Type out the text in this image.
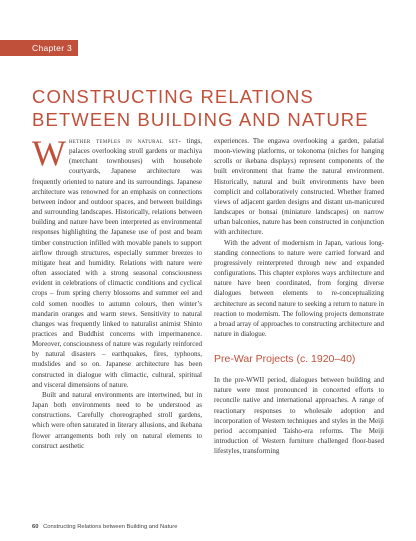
Chapter 3
CONSTRUCTING RELATIONS BETWEEN BUILDING AND NATURE

Whether temples in natural set- tings, palaces overlooking stroll gardens or machiya (merchant townhouses) with househole courtyards, Japanese architecture was frequently oriented to nature and its surroundings. Japanese architecture was renowned for an emphasis on connections between indoor and outdoor spaces, and between buildings and surrounding landscapes. Historically, relations between building and nature have been interpreted as environmental responses highlighting the Japanese use of post and beam timber construction infilled with movable panels to support airflow through structures, especially summer breezes to mitigate heat and humidity. Relations with nature were often associated with a strong seasonal consciousness evident in celebrations of climactic conditions and cyclical crops – from spring cherry blossoms and summer eel and cold somen noodles to autumn colours, then winter’s mandarin oranges and warm stews. Sensitivity to natural changes was frequently linked to naturalist animist Shinto practices and Buddhist concerns with impermanence. Moreover, consciousness of nature was regularly reinforced by natural disasters – earthquakes, fires, typhoons, mudslides and so on. Japanese architecture has been constructed in dialogue with climactic, cultural, spiritual and visceral dimensions of nature.

Built and natural environments are intertwined, but in Japan both environments need to be understood as constructions. Carefully choreographed stroll gardens, which were often saturated in literary allusions, and ikebana flower arrangements both rely on natural elements to construct aesthetic

experiences. The engawa overlooking a garden, palatial moon-viewing platforms, or tokonoma (niches for hanging scrolls or ikebana displays) represent components of the built environment that frame the natural environment. Historically, natural and built environments have been complicit and collaboratively constructed. Whether framed views of adjacent garden designs and distant un-manicured landscapes or bonsai (miniature landscapes) on narrow urban balconies, nature has been constructed in conjunction with architecture.

With the advent of modernism in Japan, various long-standing connections to nature were carried forward and progressively reinterpreted through new and expanded configurations. This chapter explores ways architecture and nature have been coordinated, from forging diverse dialogues between elements to re-conceptualizing architecture as second nature to seeking a return to nature in reaction to modernism. The following projects demonstrate a broad array of approaches to constructing architecture and nature in dialogue.

Pre-War Projects (c. 1920–40)

In the pre-WWII period, dialogues between building and nature were most pronounced in concerted efforts to reconcile native and international approaches. A range of reactionary responses to wholesale adoption and incorporation of Western techniques and styles in the Meiji period accompanied Taisho-era reforms. The Meiji introduction of Western furniture challenged floor-based lifestyles, transforming

60 Constructing Relations between Building and Nature
